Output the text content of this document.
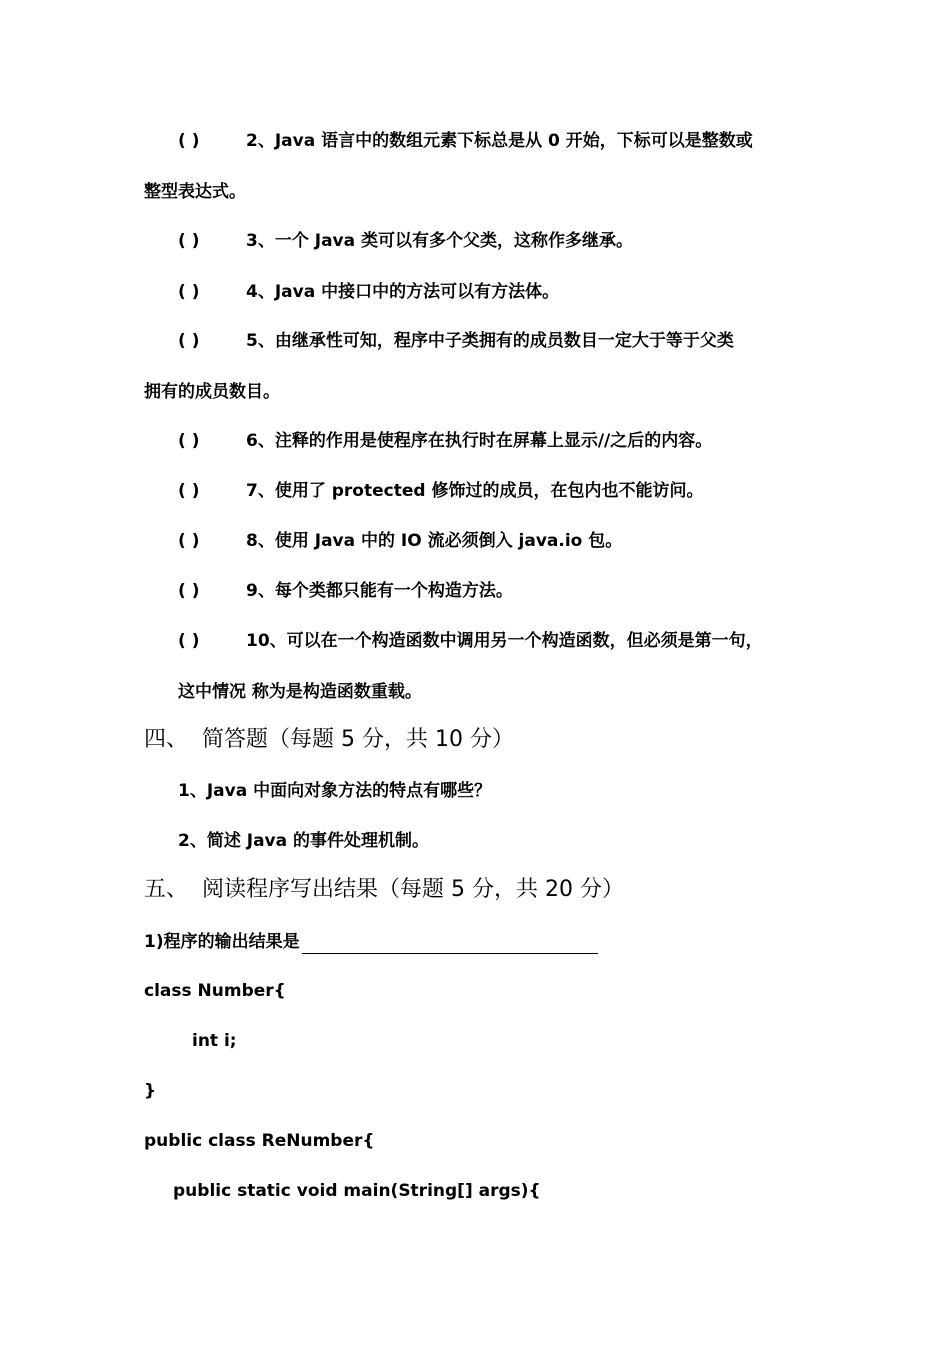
( )	2、Java 语言中的数组元素下标总是从 0 开始，下标可以是整数或
整型表达式。
( )	3、一个 Java 类可以有多个父类，这称作多继承。
( )	4、Java 中接口中的方法可以有方法体。
( )	5、由继承性可知，程序中子类拥有的成员数目一定大于等于父类
拥有的成员数目。
( )	6、注释的作用是使程序在执行时在屏幕上显示//之后的内容。
( )	7、使用了 protected 修饰过的成员，在包内也不能访问。
( )	8、使用 Java 中的 IO 流必须倒入 java.io 包。
( )	9、每个类都只能有一个构造方法。
( )	10、可以在一个构造函数中调用另一个构造函数，但必须是第一句，
这中情况 称为是构造函数重载。
四、 简答题（每题 5 分，共 10 分）
1、Java 中面向对象方法的特点有哪些？
2、简述 Java 的事件处理机制。
五、 阅读程序写出结果（每题 5 分，共 20 分）
1)程序的输出结果是
class Number{
int i;
}
public class ReNumber{
public static void main(String[] args){
